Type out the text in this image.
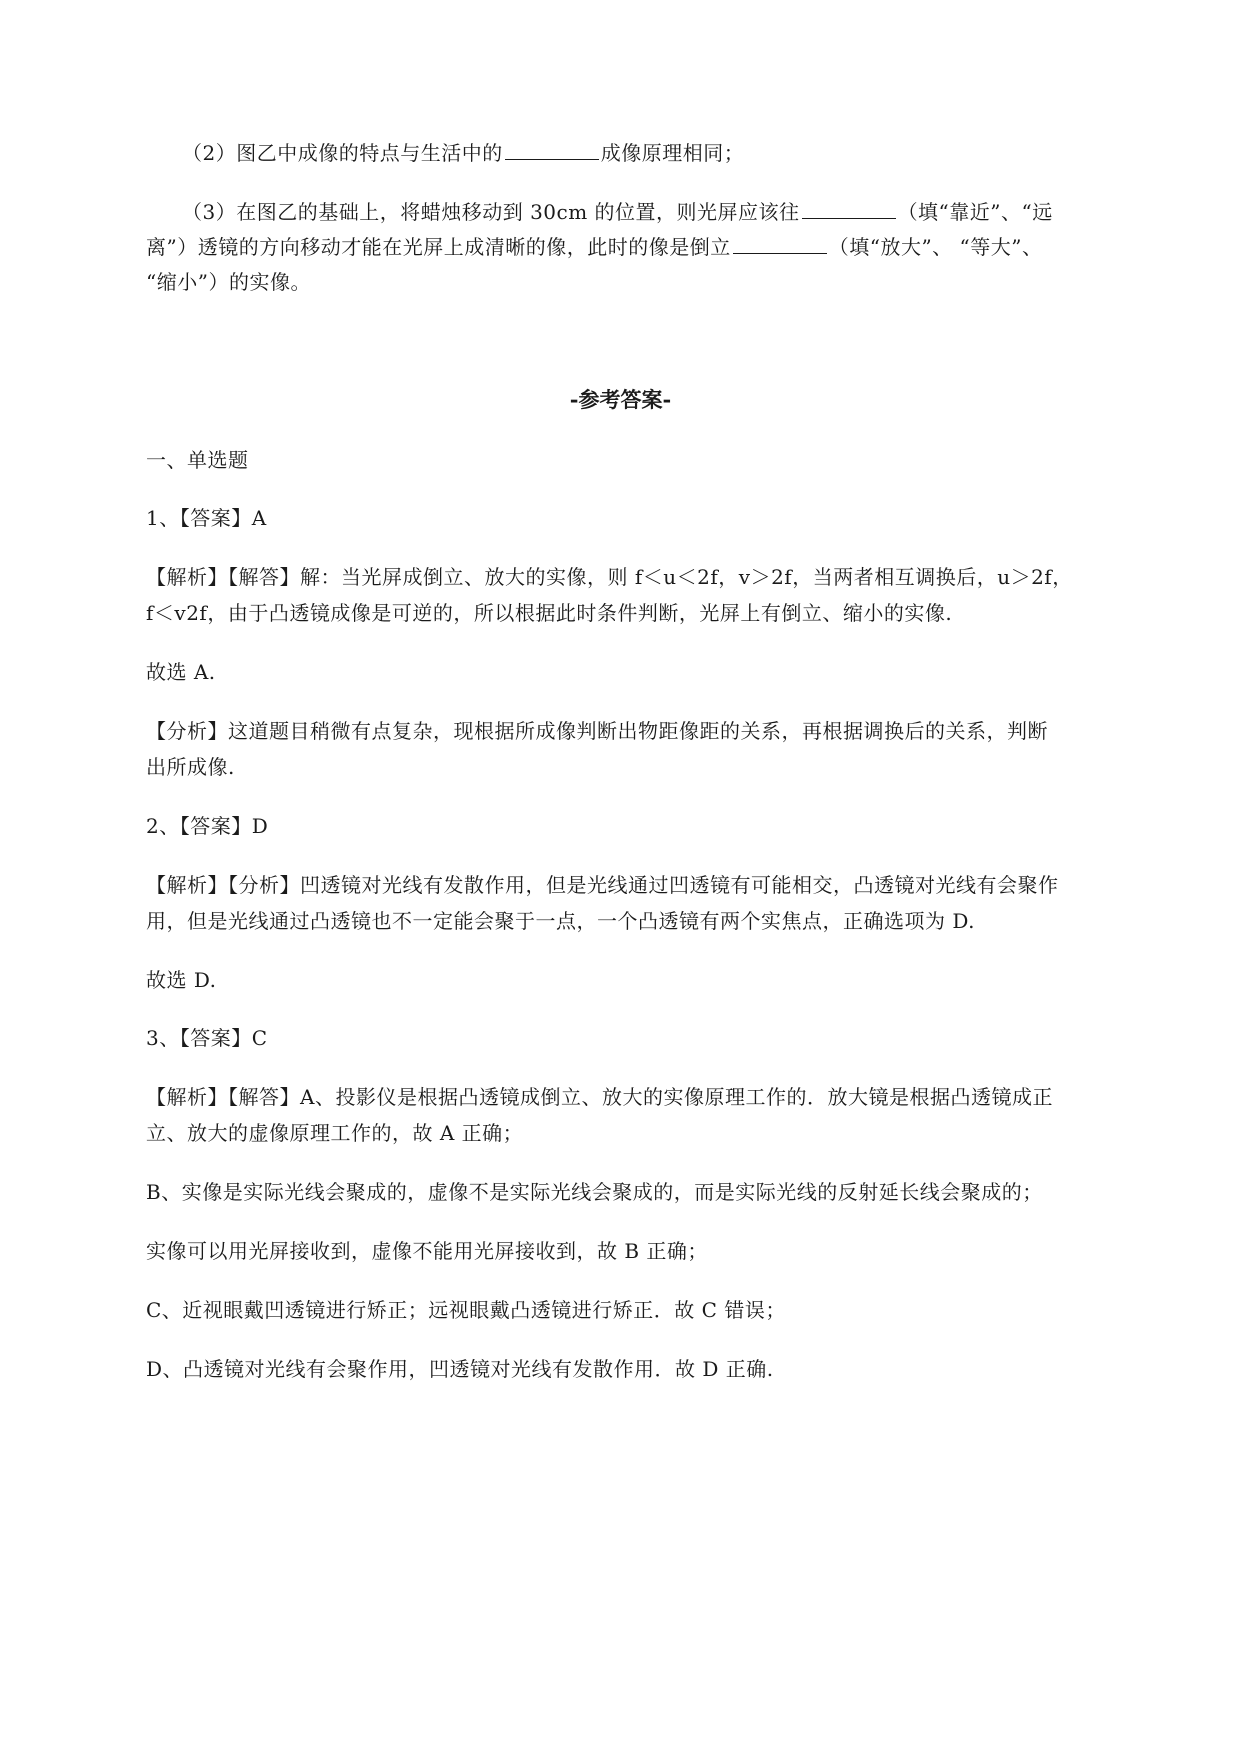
（2）图乙中成像的特点与生活中的	成像原理相同；
（3）在图乙的基础上，将蜡烛移动到 30cm 的位置，则光屏应该往	（填“靠近”、“远
离”）透镜的方向移动才能在光屏上成清晰的像，此时的像是倒立	（填“放大”、 “等大”、
“缩小”）的实像。
-参考答案-
一、单选题
1、【答案】A
【解析】【解答】解：当光屏成倒立、放大的实像，则 f＜u＜2f，v＞2f，当两者相互调换后，u＞2f，
f＜v2f，由于凸透镜成像是可逆的，所以根据此时条件判断，光屏上有倒立、缩小的实像.
故选 A.
【分析】这道题目稍微有点复杂，现根据所成像判断出物距像距的关系，再根据调换后的关系，判断
出所成像.
2、【答案】D
【解析】【分析】凹透镜对光线有发散作用，但是光线通过凹透镜有可能相交，凸透镜对光线有会聚作
用，但是光线通过凸透镜也不一定能会聚于一点，一个凸透镜有两个实焦点，正确选项为 D.
故选 D.
3、【答案】C
【解析】【解答】A、投影仪是根据凸透镜成倒立、放大的实像原理工作的．放大镜是根据凸透镜成正
立、放大的虚像原理工作的，故 A 正确；
B、实像是实际光线会聚成的，虚像不是实际光线会聚成的，而是实际光线的反射延长线会聚成的；
实像可以用光屏接收到，虚像不能用光屏接收到，故 B 正确；
C、近视眼戴凹透镜进行矫正；远视眼戴凸透镜进行矫正．故 C 错误；
D、凸透镜对光线有会聚作用，凹透镜对光线有发散作用．故 D 正确.
